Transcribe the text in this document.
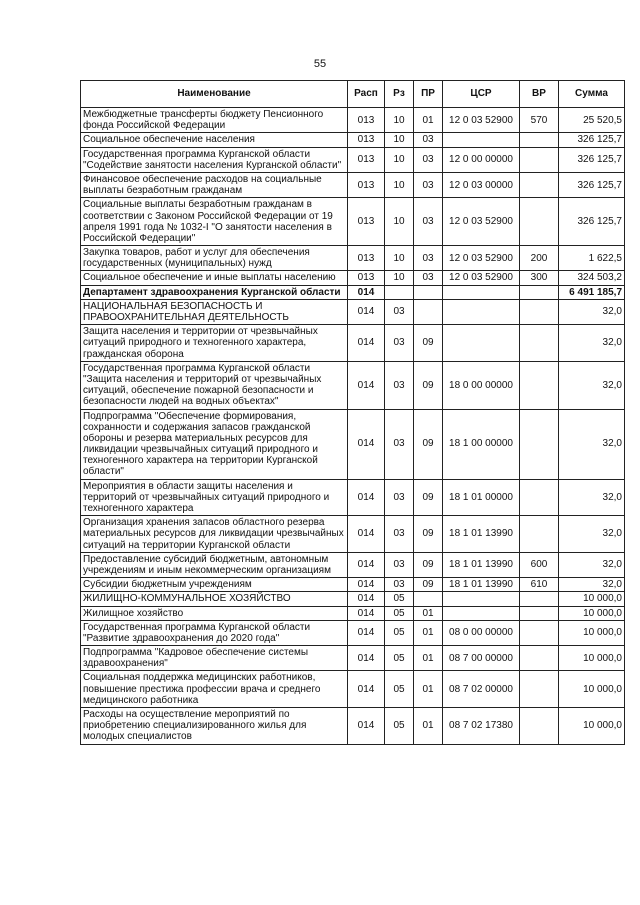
55
Наименование	Расп	Рз	ПР	ЦСР	ВР	Сумма
Межбюджетные трансферты бюджету Пенсионного фонда Российской Федерации	013	10	01	12 0 03 52900	570	25 520,5
Социальное обеспечение населения	013	10	03			326 125,7
Государственная программа Курганской области "Содействие занятости населения Курганской области"	013	10	03	12 0 00 00000		326 125,7
Финансовое обеспечение расходов на социальные выплаты безработным гражданам	013	10	03	12 0 03 00000		326 125,7
Социальные выплаты безработным гражданам в соответствии с Законом Российской Федерации от 19 апреля 1991 года № 1032-I "О занятости населения в Российской Федерации"	013	10	03	12 0 03 52900		326 125,7
Закупка товаров, работ и услуг для обеспечения государственных (муниципальных) нужд	013	10	03	12 0 03 52900	200	1 622,5
Социальное обеспечение и иные выплаты населению	013	10	03	12 0 03 52900	300	324 503,2
Департамент здравоохранения Курганской области	014					6 491 185,7
НАЦИОНАЛЬНАЯ БЕЗОПАСНОСТЬ И ПРАВООХРАНИТЕЛЬНАЯ ДЕЯТЕЛЬНОСТЬ	014	03				32,0
Защита населения и территории от чрезвычайных ситуаций природного и техногенного характера, гражданская оборона	014	03	09			32,0
Государственная программа Курганской области "Защита населения и территорий от чрезвычайных ситуаций, обеспечение пожарной безопасности и безопасности людей на водных объектах"	014	03	09	18 0 00 00000		32,0
Подпрограмма "Обеспечение формирования, сохранности и содержания запасов гражданской обороны и резерва материальных ресурсов для ликвидации чрезвычайных ситуаций природного и техногенного характера на территории Курганской области"	014	03	09	18 1 00 00000		32,0
Мероприятия в области защиты населения и территорий от чрезвычайных ситуаций природного и техногенного характера	014	03	09	18 1 01 00000		32,0
Организация хранения запасов областного резерва материальных ресурсов для ликвидации чрезвычайных ситуаций на территории Курганской области	014	03	09	18 1 01 13990		32,0
Предоставление субсидий бюджетным, автономным учреждениям и иным некоммерческим организациям	014	03	09	18 1 01 13990	600	32,0
Субсидии бюджетным учреждениям	014	03	09	18 1 01 13990	610	32,0
ЖИЛИЩНО-КОММУНАЛЬНОЕ ХОЗЯЙСТВО	014	05				10 000,0
Жилищное хозяйство	014	05	01			10 000,0
Государственная программа Курганской области "Развитие здравоохранения до 2020 года"	014	05	01	08 0 00 00000		10 000,0
Подпрограмма "Кадровое обеспечение системы здравоохранения"	014	05	01	08 7 00 00000		10 000,0
Социальная поддержка медицинских работников, повышение престижа профессии врача и среднего медицинского работника	014	05	01	08 7 02 00000		10 000,0
Расходы на осуществление мероприятий по приобретению специализированного жилья для молодых специалистов	014	05	01	08 7 02 17380		10 000,0
